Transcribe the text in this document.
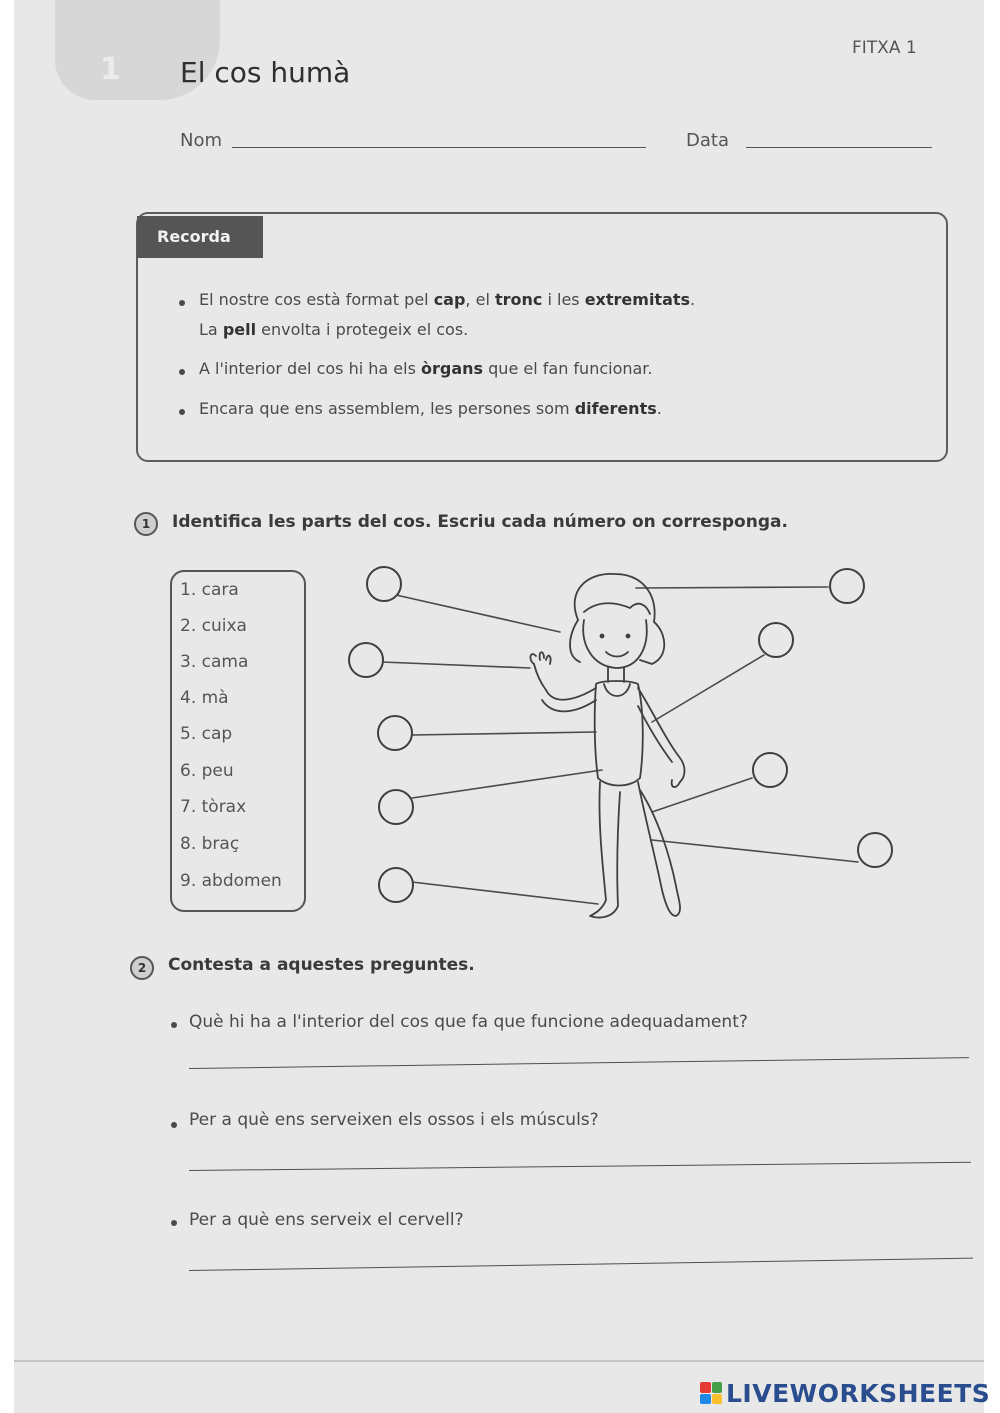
1 El cos humà
FITXA 1
Nom	Data
Recorda
El nostre cos està format pel cap, el tronc i les extremitats.
La pell envolta i protegeix el cos.
A l'interior del cos hi ha els òrgans que el fan funcionar.
Encara que ens assemblem, les persones som diferents.
1	Identifica les parts del cos. Escriu cada número on correspongа.
1. cara
2. cuixa
3. cama
4. mà
5. cap
6. peu
7. tòrax
8. braç
9. abdomen
2	Contesta a aquestes preguntes.
Què hi ha a l'interior del cos que fa que funcione adequadament?
Per a què ens serveixen els ossos i els músculs?
Per a què ens serveix el cervell?
LIVEWORKSHEETS
